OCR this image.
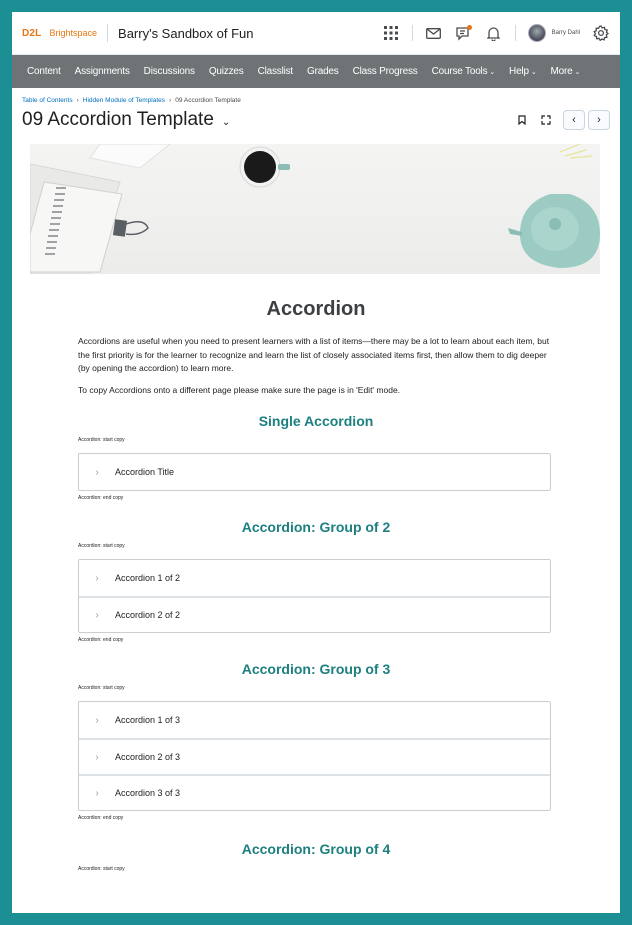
D2L Brightspace Barry's Sandbox of Fun	Barry Dahl
Content	Assignments	Discussions	Quizzes	Classlist	Grades	Class Progress	Course Tools ⌄	Help ⌄	More ⌄
Table of Contents › Hidden Module of Templates › 09 Accordion Template
09 Accordion Template ⌄	‹ ›
Accordion

Accordions are useful when you need to present learners with a list of items—there may be a lot to learn about each item, but the first priority is for the learner to recognize and learn the list of closely associated items first, then allow them to dig deeper (by opening the accordion) to learn more.

To copy Accordions onto a different page please make sure the page is in 'Edit' mode.

Single Accordion
Accordion: start copy
›	Accordion Title
Accordion: end copy
Accordion: Group of 2
Accordion: start copy
›	Accordion 1 of 2
›	Accordion 2 of 2
Accordion: end copy
Accordion: Group of 3
Accordion: start copy
›	Accordion 1 of 3
›	Accordion 2 of 3
›	Accordion 3 of 3
Accordion: end copy
Accordion: Group of 4
Accordion: start copy
